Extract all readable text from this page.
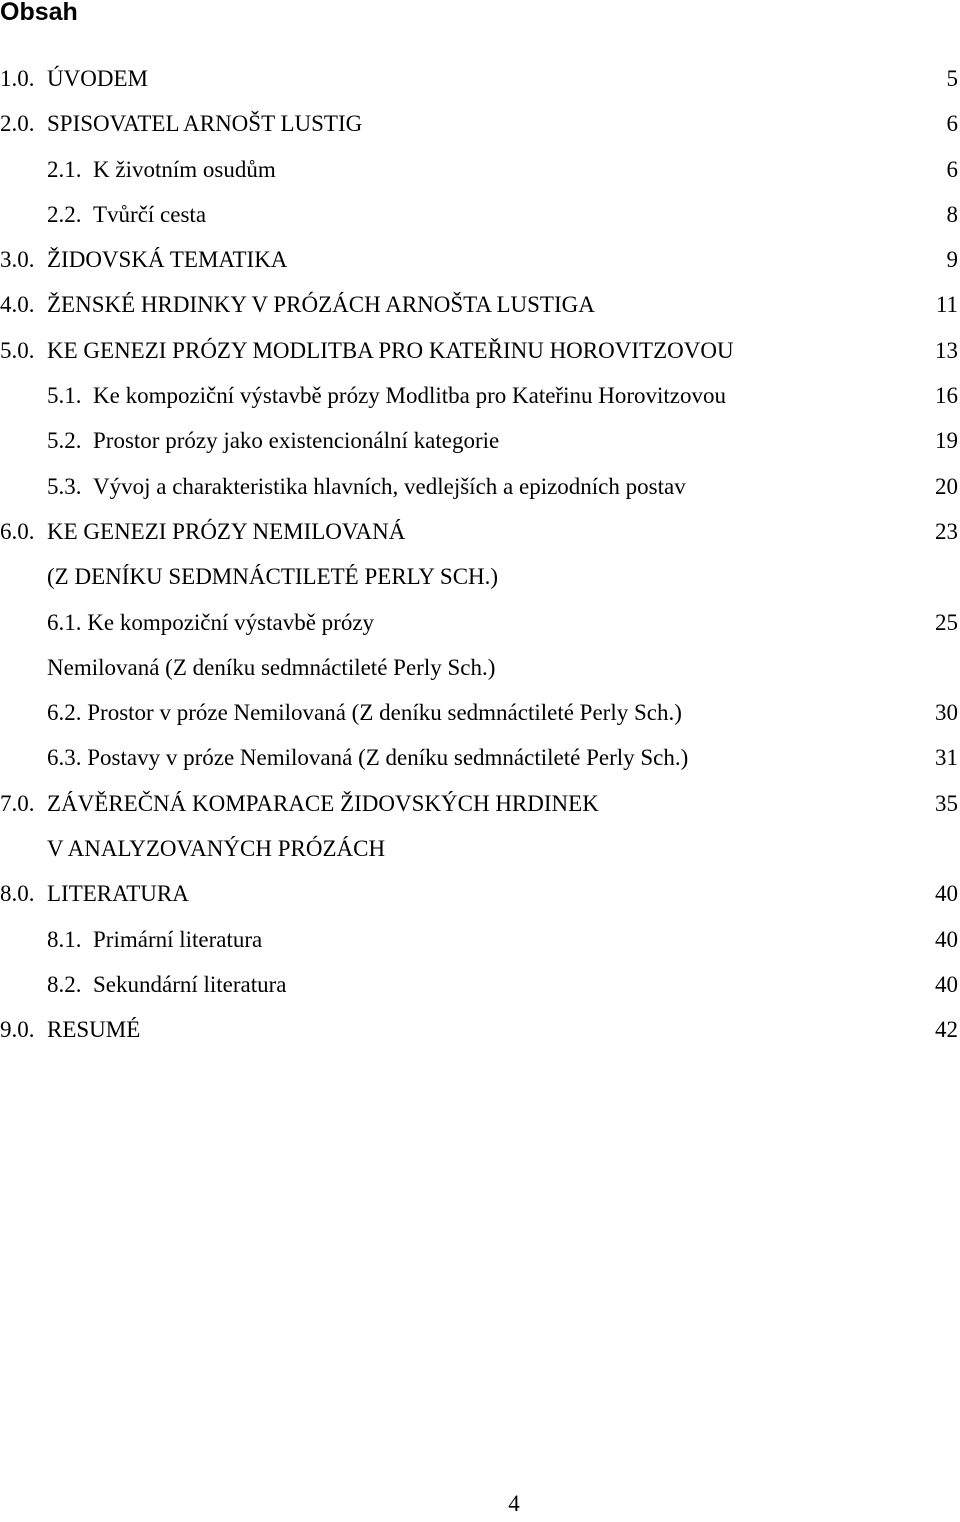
Obsah
1.0. ÚVODEM	5
2.0. SPISOVATEL ARNOŠT LUSTIG	6
2.1. K životním osudům	6
2.2. Tvůrčí cesta	8
3.0. ŽIDOVSKÁ TEMATIKA	9
4.0. ŽENSKÉ HRDINKY V PRÓZÁCH ARNOŠTA LUSTIGA	11
5.0. KE GENEZI PRÓZY MODLITBA PRO KATEŘINU HOROVITZOVOU	13
5.1. Ke kompoziční výstavbě prózy Modlitba pro Kateřinu Horovitzovou	16
5.2. Prostor prózy jako existencionální kategorie	19
5.3. Vývoj a charakteristika hlavních, vedlejších a epizodních postav	20
6.0. KE GENEZI PRÓZY NEMILOVANÁ	23
(Z DENÍKU SEDMNÁCTILETÉ PERLY SCH.)
6.1. Ke kompoziční výstavbě prózy	25
Nemilovaná (Z deníku sedmnáctileté Perly Sch.)
6.2. Prostor v próze Nemilovaná (Z deníku sedmnáctileté Perly Sch.)	30
6.3. Postavy v próze Nemilovaná (Z deníku sedmnáctileté Perly Sch.)	31
7.0. ZÁVĚREČNÁ KOMPARACE ŽIDOVSKÝCH HRDINEK	35
V ANALYZOVANÝCH PRÓZÁCH
8.0. LITERATURA	40
8.1. Primární literatura	40
8.2. Sekundární literatura	40
9.0. RESUMÉ	42
4
